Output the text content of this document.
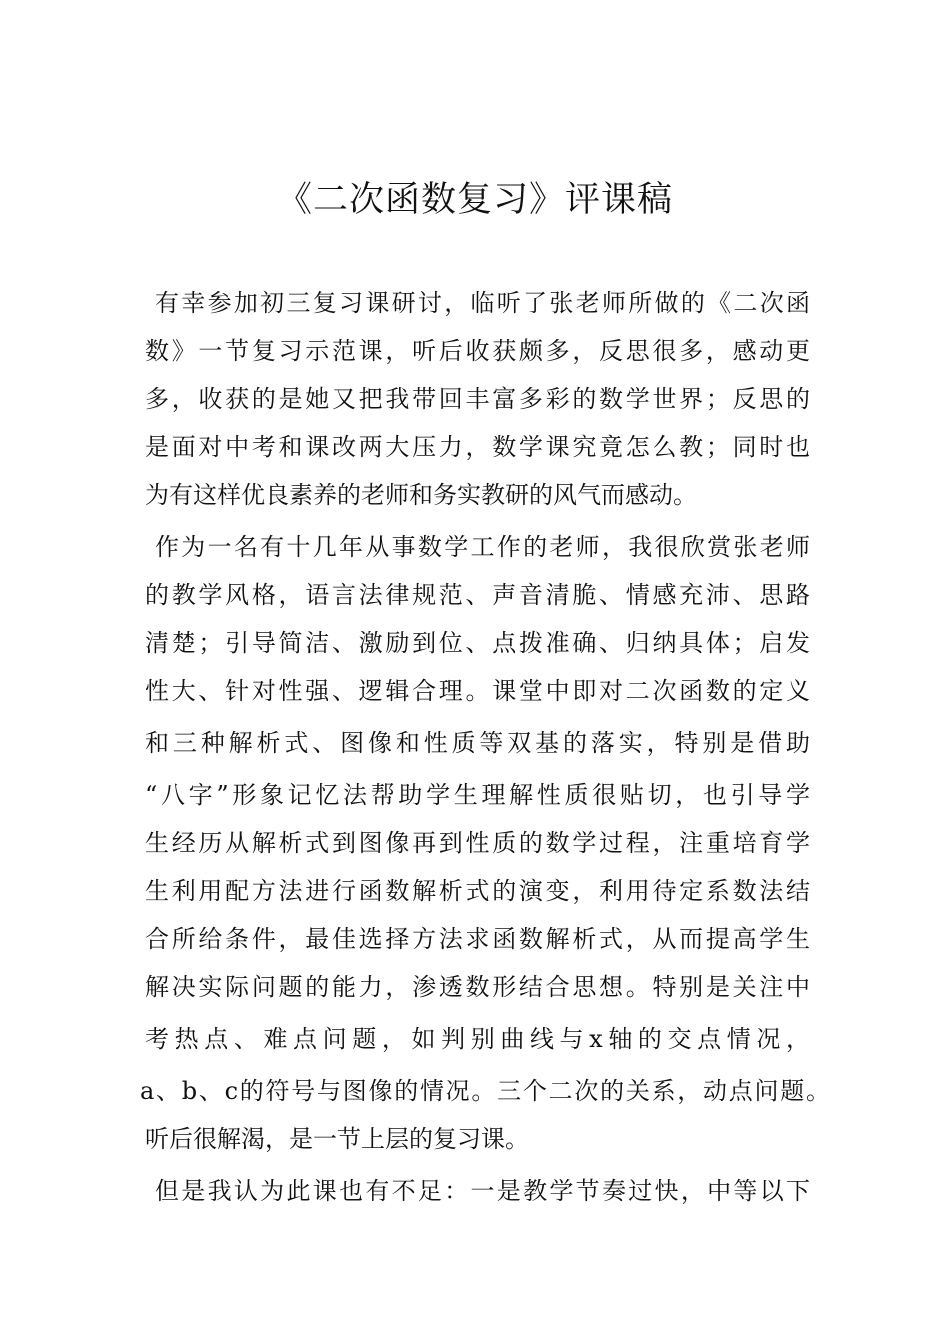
《二次函数复习》评课稿
有幸参加初三复习课研讨，临听了张老师所做的《二次函
数》一节复习示范课，听后收获颇多，反思很多，感动更
多，收获的是她又把我带回丰富多彩的数学世界；反思的
是面对中考和课改两大压力，数学课究竟怎么教；同时也
为有这样优良素养的老师和务实教研的风气而感动。
作为一名有十几年从事数学工作的老师，我很欣赏张老师
的教学风格，语言法律规范、声音清脆、情感充沛、思路
清楚；引导简洁、激励到位、点拨准确、归纳具体；启发
性大、针对性强、逻辑合理。课堂中即对二次函数的定义
和三种解析式、图像和性质等双基的落实，特别是借助
“八字”形象记忆法帮助学生理解性质很贴切，也引导学
生经历从解析式到图像再到性质的数学过程，注重培育学
生利用配方法进行函数解析式的演变，利用待定系数法结
合所给条件，最佳选择方法求函数解析式，从而提高学生
解决实际问题的能力，渗透数形结合思想。特别是关注中
考热点、难点问题，如判别曲线与x轴的交点情况，
a、b、c的符号与图像的情况。三个二次的关系，动点问题。
听后很解渴，是一节上层的复习课。
但是我认为此课也有不足：一是教学节奏过快，中等以下
